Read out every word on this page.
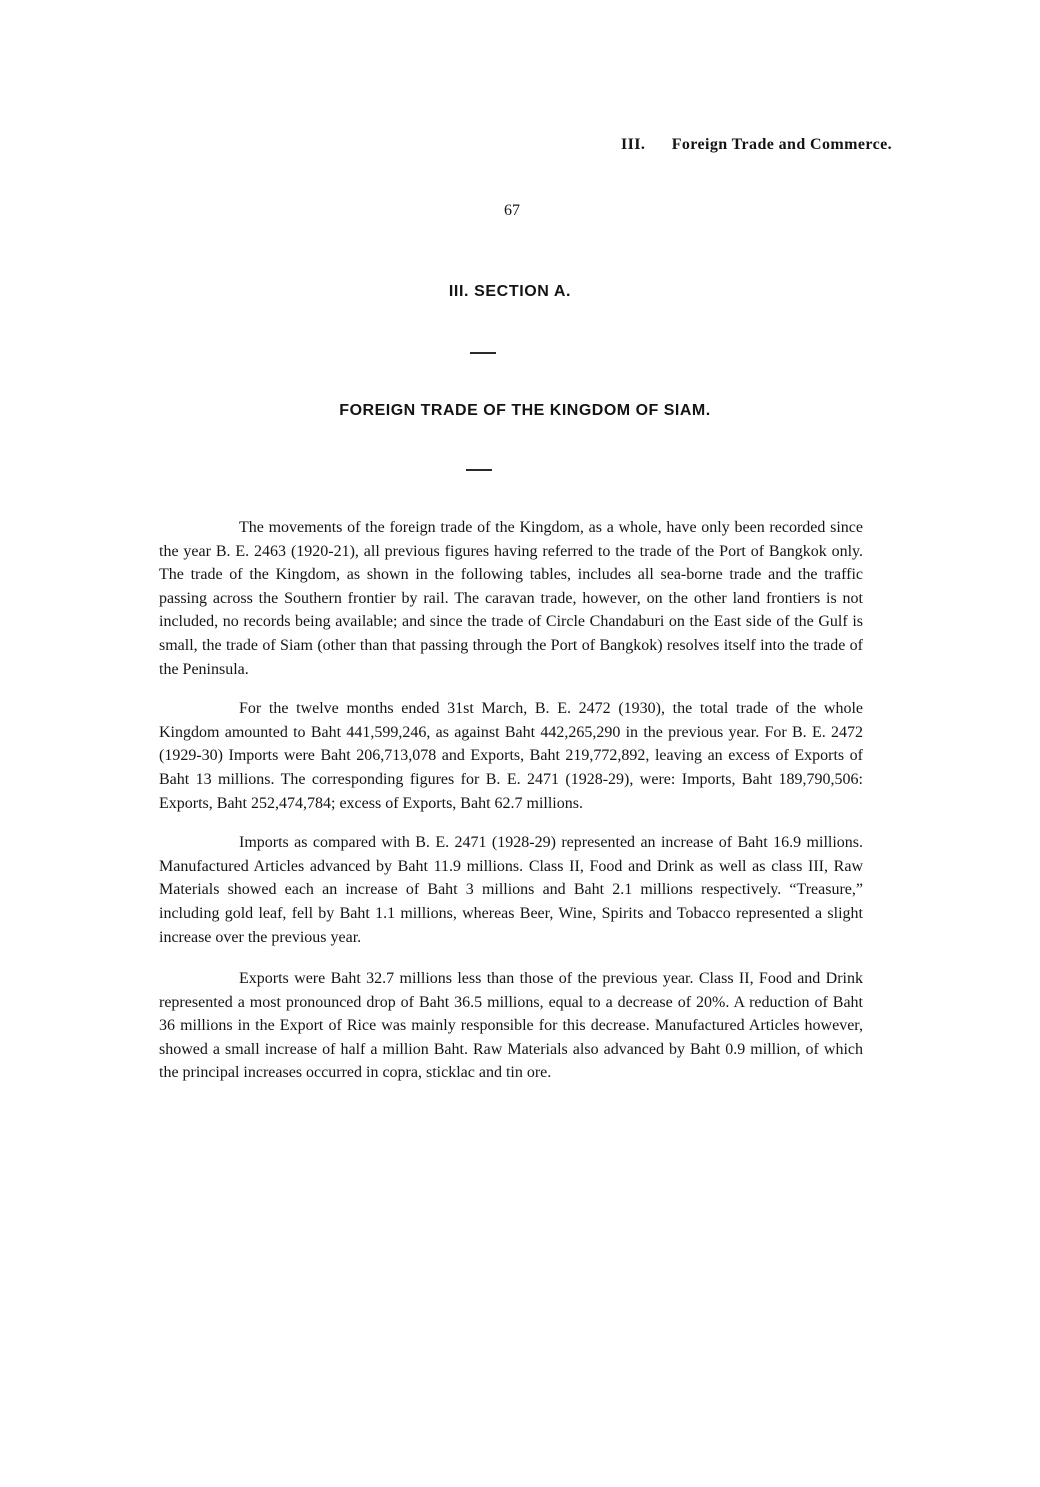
III. Foreign Trade and Commerce.
67
III. SECTION A.
FOREIGN TRADE OF THE KINGDOM OF SIAM.

The movements of the foreign trade of the Kingdom, as a whole, have only been recorded since the year B. E. 2463 (1920-21), all previous figures having referred to the trade of the Port of Bangkok only. The trade of the Kingdom, as shown in the following tables, includes all sea-borne trade and the traffic passing across the Southern frontier by rail. The caravan trade, however, on the other land frontiers is not included, no records being available; and since the trade of Circle Chandaburi on the East side of the Gulf is small, the trade of Siam (other than that passing through the Port of Bangkok) resolves itself into the trade of the Peninsula.

For the twelve months ended 31st March, B. E. 2472 (1930), the total trade of the whole Kingdom amounted to Baht 441,599,246, as against Baht 442,265,290 in the previous year. For B. E. 2472 (1929-30) Imports were Baht 206,713,078 and Exports, Baht 219,772,892, leaving an excess of Exports of Baht 13 millions. The corresponding figures for B. E. 2471 (1928-29), were: Imports, Baht 189,790,506: Exports, Baht 252,474,784; excess of Exports, Baht 62.7 millions.

Imports as compared with B. E. 2471 (1928-29) represented an increase of Baht 16.9 millions. Manufactured Articles advanced by Baht 11.9 millions. Class II, Food and Drink as well as class III, Raw Materials showed each an increase of Baht 3 millions and Baht 2.1 millions respectively. “Treasure,” including gold leaf, fell by Baht 1.1 millions, whereas Beer, Wine, Spirits and Tobacco represented a slight increase over the previous year.

Exports were Baht 32.7 millions less than those of the previous year. Class II, Food and Drink represented a most pronounced drop of Baht 36.5 millions, equal to a decrease of 20%. A reduction of Baht 36 millions in the Export of Rice was mainly responsible for this decrease. Manufactured Articles however, showed a small increase of half a million Baht. Raw Materials also advanced by Baht 0.9 million, of which the principal increases occurred in copra, sticklac and tin ore.
